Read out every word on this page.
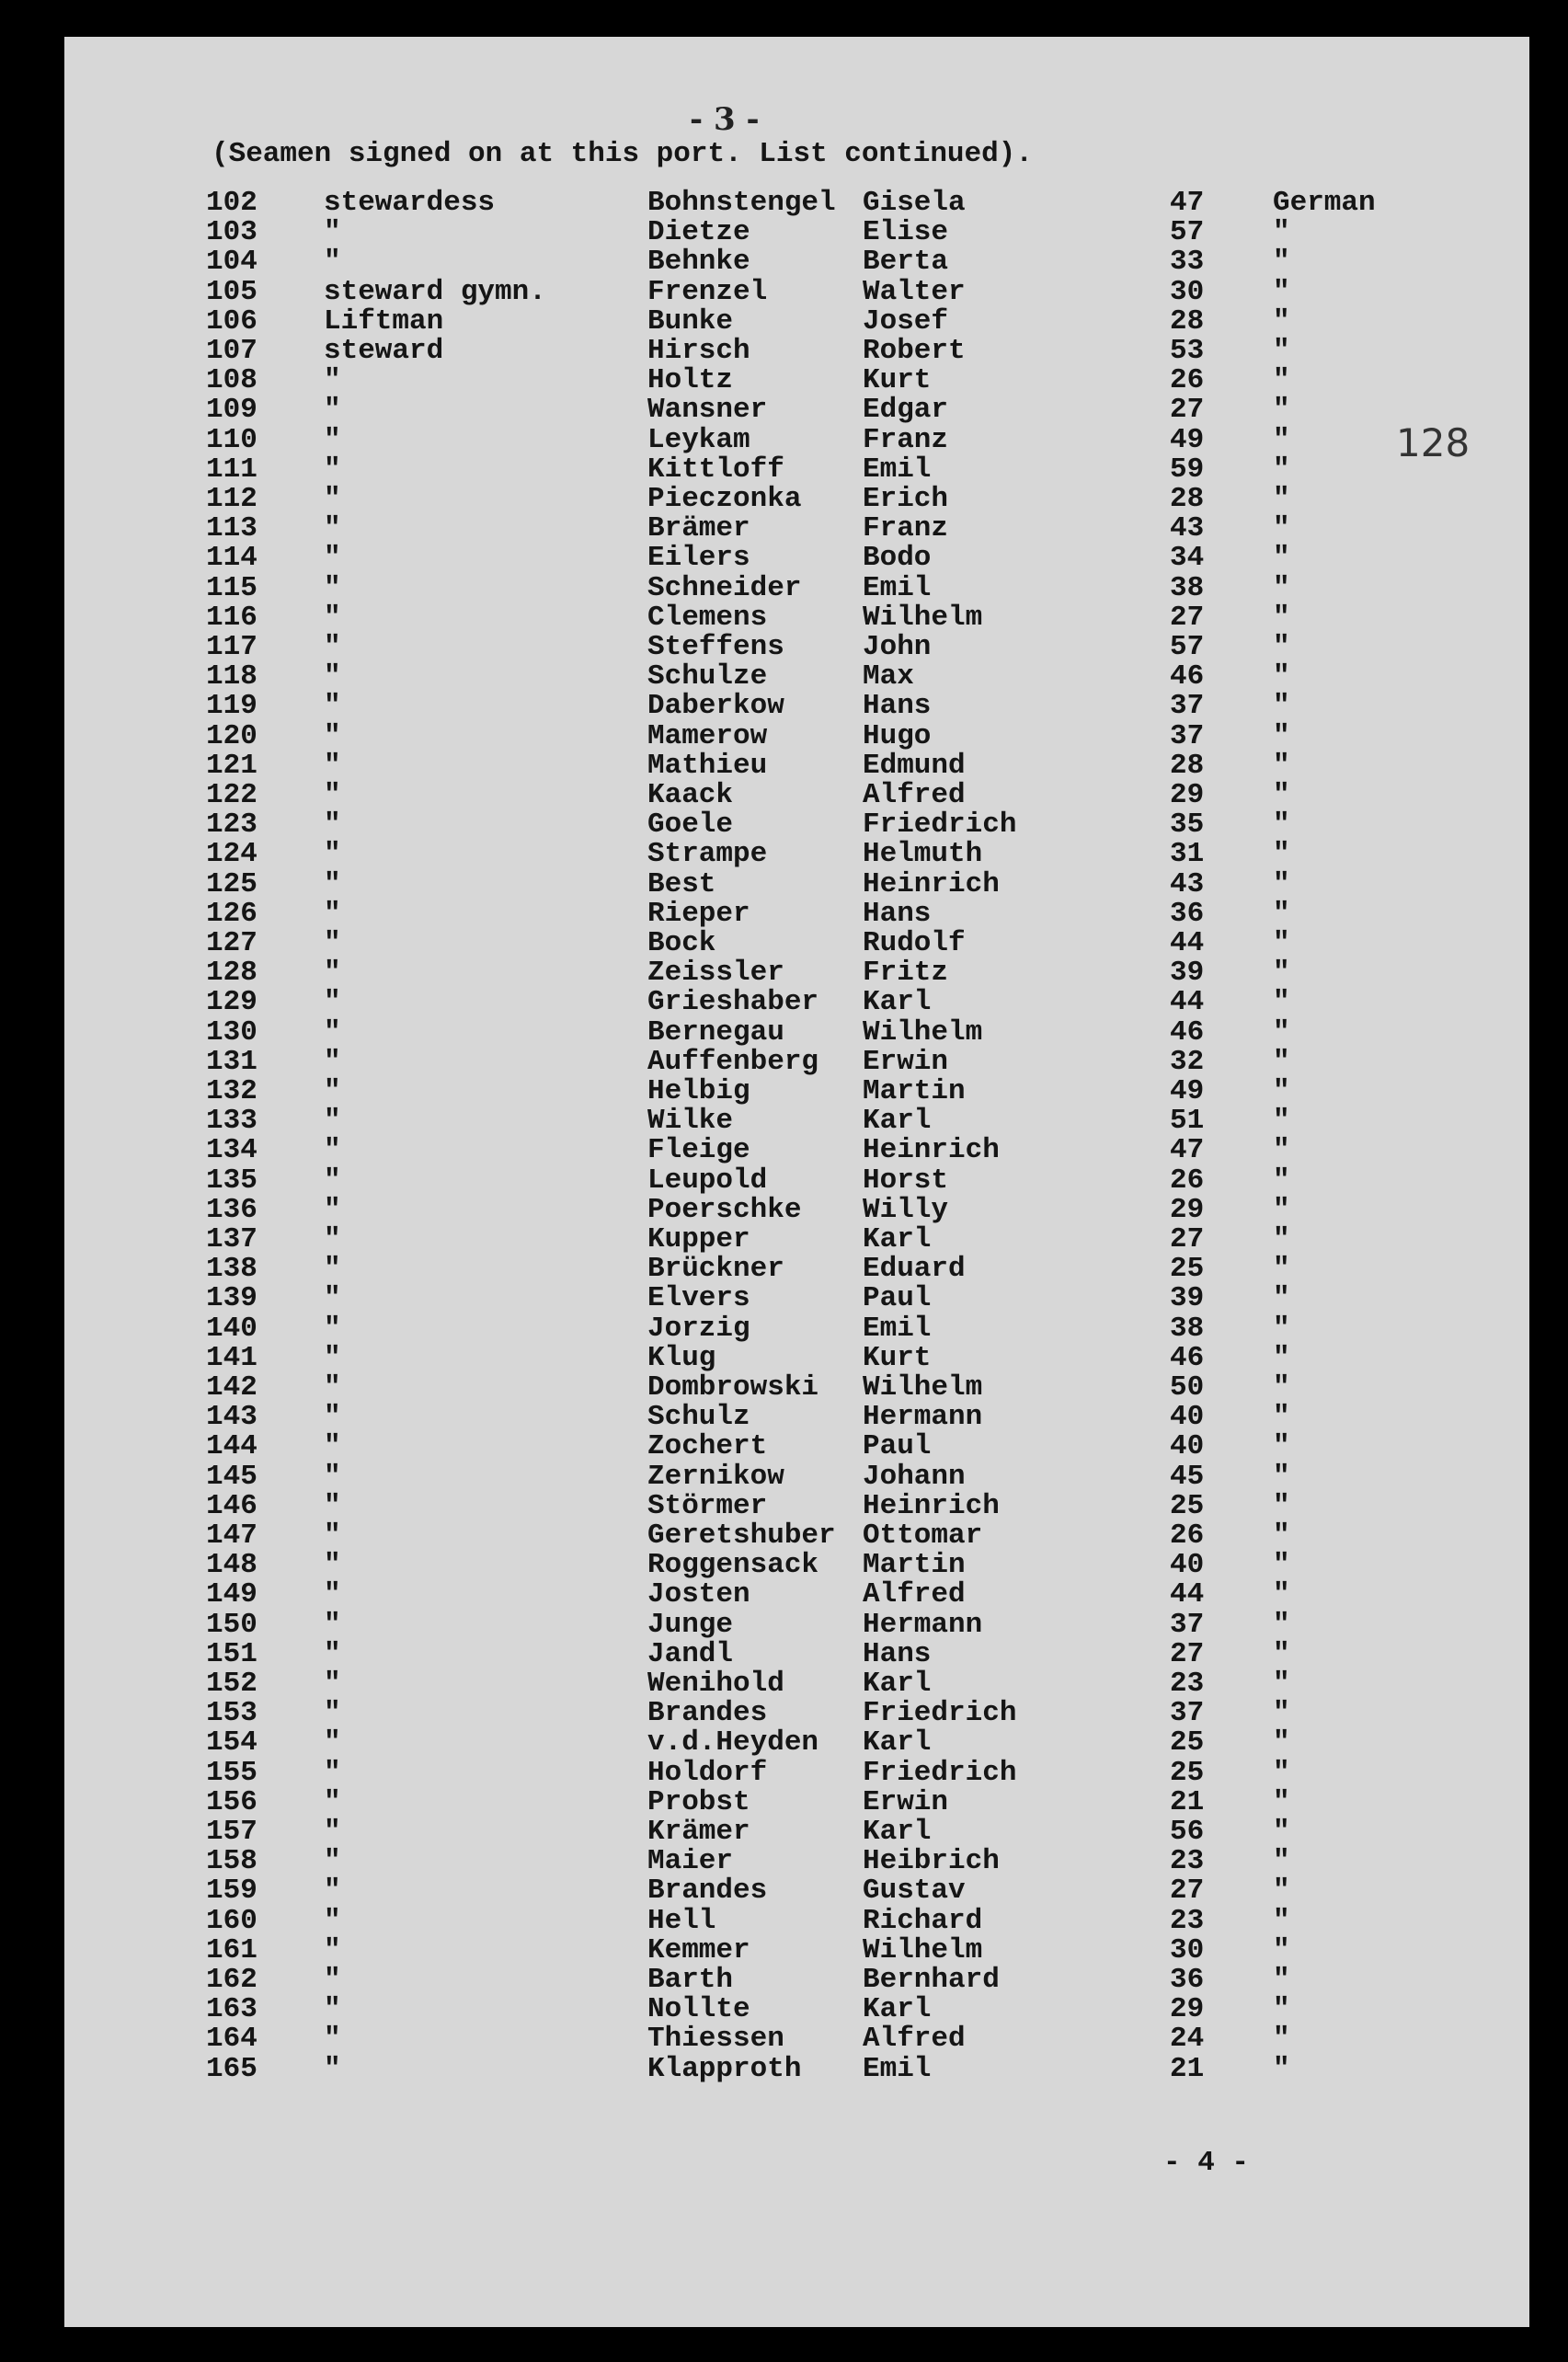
- 3 -
(Seamen signed on at this port. List continued).
128
- 4 -
102 stewardess	Bohnstengel Gisela	47 German
103 "	Dietze	Elise	57 "
104 "	Behnke	Berta	33 "
105 steward gymn.	Frenzel	Walter	30 "
106 Liftman	Bunke	Josef	28 "
107 steward	Hirsch	Robert	53 "
108 "	Holtz	Kurt	26 "
109 "	Wansner	Edgar	27 "
110 "	Leykam	Franz	49 "
111 "	Kittloff	Emil	59 "
112 "	Pieczonka Erich	28 "
113 "	Brämer	Franz	43 "
114 "	Eilers	Bodo	34 "
115 "	Schneider Emil	38 "
116 "	Clemens	Wilhelm	27 "
117 "	Steffens	John	57 "
118 "	Schulze	Max	46 "
119 "	Daberkow	Hans	37 "
120 "	Mamerow	Hugo	37 "
121 "	Mathieu	Edmund	28 "
122 "	Kaack	Alfred	29 "
123 "	Goele	Friedrich	35 "
124 "	Strampe	Helmuth	31 "
125 "	Best	Heinrich	43 "
126 "	Rieper	Hans	36 "
127 "	Bock	Rudolf	44 "
128 "	Zeissler	Fritz	39 "
129 "	Grieshaber Karl	44 "
130 "	Bernegau	Wilhelm	46 "
131 "	Auffenberg Erwin	32 "
132 "	Helbig	Martin	49 "
133 "	Wilke	Karl	51 "
134 "	Fleige	Heinrich	47 "
135 "	Leupold	Horst	26 "
136 "	Poerschke Willy	29 "
137 "	Kupper	Karl	27 "
138 "	Brückner	Eduard	25 "
139 "	Elvers	Paul	39 "
140 "	Jorzig	Emil	38 "
141 "	Klug	Kurt	46 "
142 "	Dombrowski Wilhelm	50 "
143 "	Schulz	Hermann	40 "
144 "	Zochert	Paul	40 "
145 "	Zernikow	Johann	45 "
146 "	Störmer	Heinrich	25 "
147 "	Geretshuber Ottomar	26 "
148 "	Roggensack Martin	40 "
149 "	Josten	Alfred	44 "
150 "	Junge	Hermann	37 "
151 "	Jandl	Hans	27 "
152 "	Wenihold	Karl	23 "
153 "	Brandes	Friedrich	37 "
154 "	v.d.Heyden Karl	25 "
155 "	Holdorf	Friedrich	25 "
156 "	Probst	Erwin	21 "
157 "	Krämer	Karl	56 "
158 "	Maier	Heibrich	23 "
159 "	Brandes	Gustav	27 "
160 "	Hell	Richard	23 "
161 "	Kemmer	Wilhelm	30 "
162 "	Barth	Bernhard	36 "
163 "	Nollte	Karl	29 "
164 "	Thiessen	Alfred	24 "
165 "	Klapproth Emil	21 "
